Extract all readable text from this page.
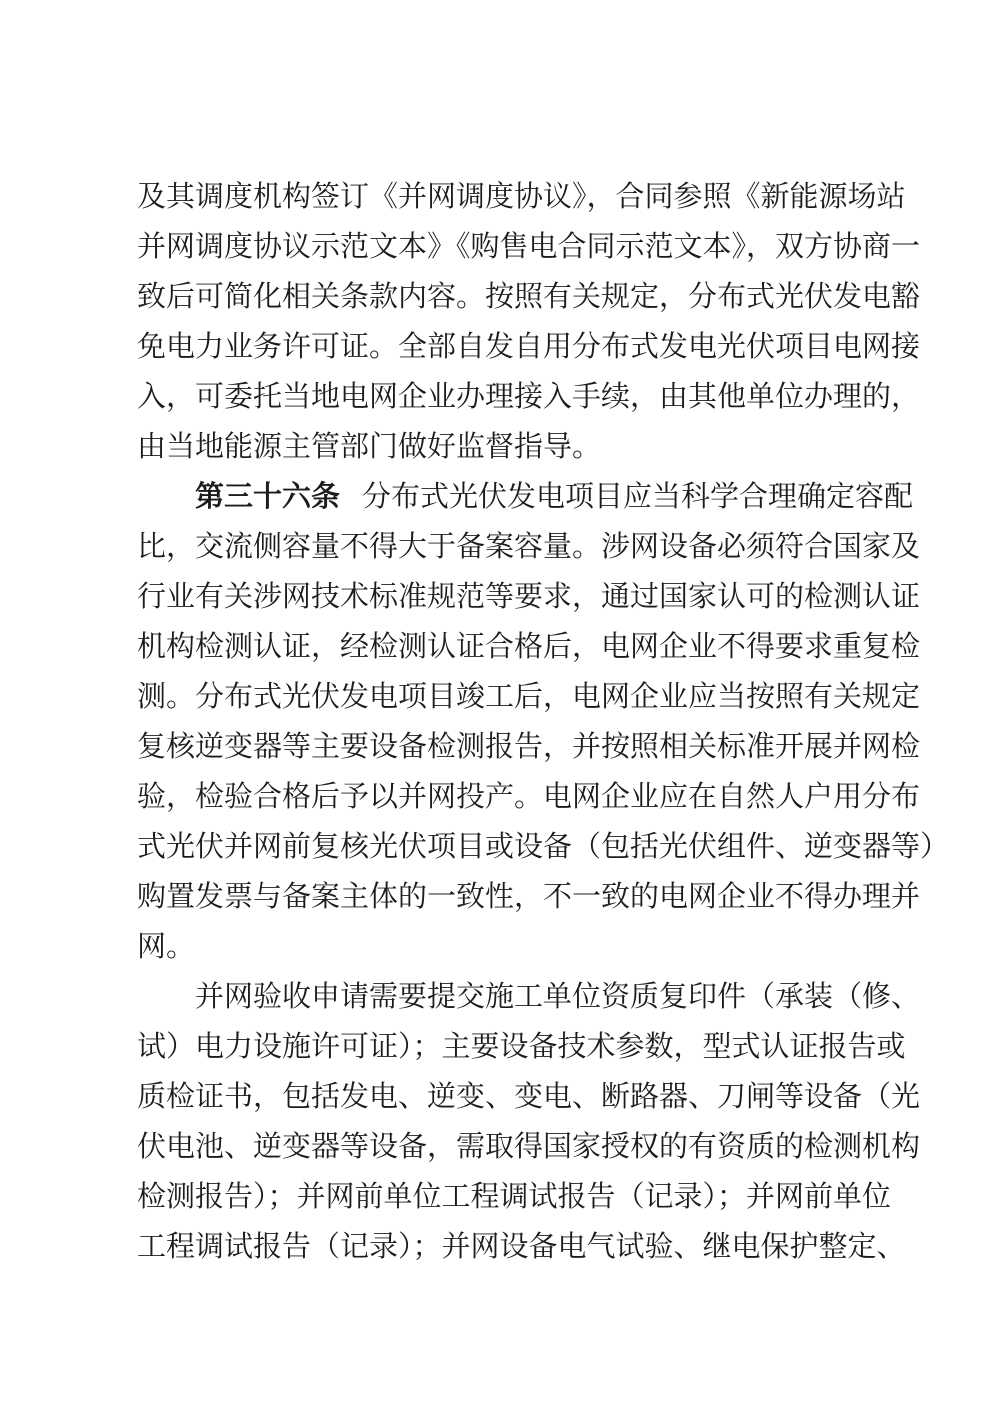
及其调度机构签订《并网调度协议》，合同参照《新能源场站
并网调度协议示范文本》《购售电合同示范文本》，双方协商一
致后可简化相关条款内容。按照有关规定，分布式光伏发电豁
免电力业务许可证。全部自发自用分布式发电光伏项目电网接
入，可委托当地电网企业办理接入手续，由其他单位办理的，
由当地能源主管部门做好监督指导。
第三十六条 分布式光伏发电项目应当科学合理确定容配
比，交流侧容量不得大于备案容量。涉网设备必须符合国家及
行业有关涉网技术标准规范等要求，通过国家认可的检测认证
机构检测认证，经检测认证合格后，电网企业不得要求重复检
测。分布式光伏发电项目竣工后，电网企业应当按照有关规定
复核逆变器等主要设备检测报告，并按照相关标准开展并网检
验，检验合格后予以并网投产。电网企业应在自然人户用分布
式光伏并网前复核光伏项目或设备（包括光伏组件、逆变器等）
购置发票与备案主体的一致性，不一致的电网企业不得办理并
网。
并网验收申请需要提交施工单位资质复印件（承装（修、
试）电力设施许可证）；主要设备技术参数，型式认证报告或
质检证书，包括发电、逆变、变电、断路器、刀闸等设备（光
伏电池、逆变器等设备，需取得国家授权的有资质的检测机构
检测报告）；并网前单位工程调试报告（记录）；并网前单位
工程调试报告（记录）；并网设备电气试验、继电保护整定、
